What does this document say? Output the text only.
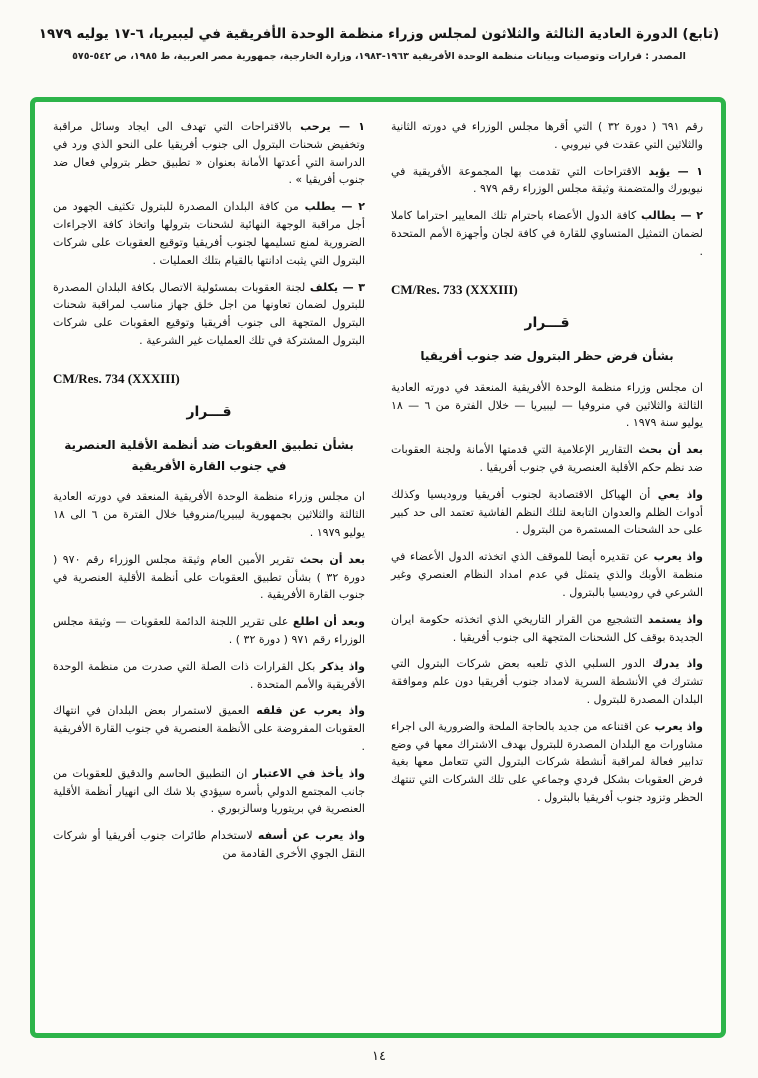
(تابع) الدورة العادية الثالثة والثلاثون لمجلس وزراء منظمة الوحدة الأفريقية في ليبيريا، ٦-١٧ يوليه ١٩٧٩
المصدر : قرارات وتوصيات وبيانات منظمة الوحدة الأفريقية ١٩٦٣-١٩٨٣، وزارة الخارجية، جمهورية مصر العربية، ط ١٩٨٥، ص ٥٤٢-٥٧٥

رقم ٦٩١ ( دورة ٣٢ ) التي أقرها مجلس الوزراء في دورته الثانية والثلاثين التي عقدت في نيروبي .

١ — يؤيد الاقتراحات التي تقدمت بها المجموعة الأفريقية في نيويورك والمتضمنة وثيقة مجلس الوزراء رقم ٩٧٩ .

٢ — يطالب كافة الدول الأعضاء باحترام تلك المعايير احتراما كاملا لضمان التمثيل المتساوي للقارة في كافة لجان وأجهزة الأمم المتحدة .

CM/Res. 733 (XXXIII)

قـــرار

بشأن فرض حظر البترول ضد جنوب أفريقيا

ان مجلس وزراء منظمة الوحدة الأفريقية المنعقد في دورته العادية الثالثة والثلاثين في منروفيا — ليبيريا — خلال الفترة من ٦ — ١٨ يوليو سنة ١٩٧٩ .

بعد أن بحث التقارير الإعلامية التي قدمتها الأمانة ولجنة العقوبات ضد نظم حكم الأقلية العنصرية في جنوب أفريقيا .

واذ يعي أن الهياكل الاقتصادية لجنوب أفريقيا وروديسيا وكذلك أدوات الظلم والعدوان التابعة لتلك النظم الفاشية تعتمد الى حد كبير على حد الشحنات المستمرة من البترول .

واذ يعرب عن تقديره أيضا للموقف الذي اتخذته الدول الأعضاء في منظمة الأوبك والذي يتمثل في عدم امداد النظام العنصري وغير الشرعي في روديسيا بالبترول .

واذ يستمد التشجيع من القرار التاريخي الذي اتخذته حكومة ايران الجديدة بوقف كل الشحنات المتجهة الى جنوب أفريقيا .

واذ يدرك الدور السلبي الذي تلعبه بعض شركات البترول التي تشترك في الأنشطة السرية لامداد جنوب أفريقيا دون علم وموافقة البلدان المصدرة للبترول .

واذ يعرب عن اقتناعه من جديد بالحاجة الملحة والضرورية الى اجراء مشاورات مع البلدان المصدرة للبترول بهدف الاشتراك معها في وضع تدابير فعالة لمراقبة أنشطة شركات البترول التي تتعامل معها بغية فرض العقوبات بشكل فردي وجماعي على تلك الشركات التي تنتهك الحظر وتزود جنوب أفريقيا بالبترول .

١ — يرحب بالاقتراحات التي تهدف الى ايجاد وسائل مراقبة وتخفيض شحنات البترول الى جنوب أفريقيا على النحو الذي ورد في الدراسة التي أعدتها الأمانة بعنوان « تطبيق حظر بترولي فعال ضد جنوب أفريقيا » .

٢ — يطلب من كافة البلدان المصدرة للبترول تكثيف الجهود من أجل مراقبة الوجهة النهائية لشحنات بترولها واتخاذ كافة الاجراءات الضرورية لمنع تسليمها لجنوب أفريقيا وتوقيع العقوبات على شركات البترول التي يثبت ادانتها بالقيام بتلك العمليات .

٣ — يكلف لجنة العقوبات بمسئولية الاتصال بكافة البلدان المصدرة للبترول لضمان تعاونها من اجل خلق جهاز مناسب لمراقبة شحنات البترول المتجهة الى جنوب أفريقيا وتوقيع العقوبات على شركات البترول المشتركة في تلك العمليات غير الشرعية .

CM/Res. 734 (XXXIII)

قـــرار

بشأن تطبيق العقوبات ضد أنظمة الأقلية العنصرية في جنوب القارة الأفريقية

ان مجلس وزراء منظمة الوحدة الأفريقية المنعقد في دورته العادية الثالثة والثلاثين بجمهورية ليبيريا/منروفيا خلال الفترة من ٦ الى ١٨ يوليو ١٩٧٩ .

بعد أن بحث تقرير الأمين العام وثيقة مجلس الوزراء رقم ٩٧٠ ( دورة ٣٢ ) بشأن تطبيق العقوبات على أنظمة الأقلية العنصرية في جنوب القارة الأفريقية .

وبعد أن اطلع على تقرير اللجنة الدائمة للعقوبات — وثيقة مجلس الوزراء رقم ٩٧١ ( دورة ٣٢ ) .

واذ يذكر بكل القرارات ذات الصلة التي صدرت من منظمة الوحدة الأفريقية والأمم المتحدة .

واذ يعرب عن قلقه العميق لاستمرار بعض البلدان في انتهاك العقوبات المفروضة على الأنظمة العنصرية في جنوب القارة الأفريقية .

واذ يأخذ في الاعتبار ان التطبيق الحاسم والدقيق للعقوبات من جانب المجتمع الدولي بأسره سيؤدي بلا شك الى انهيار أنظمة الأقلية العنصرية في بريتوريا وسالزبوري .

واذ يعرب عن أسفه لاستخدام طائرات جنوب أفريقيا أو شركات النقل الجوي الأخرى القادمة من

١٤
